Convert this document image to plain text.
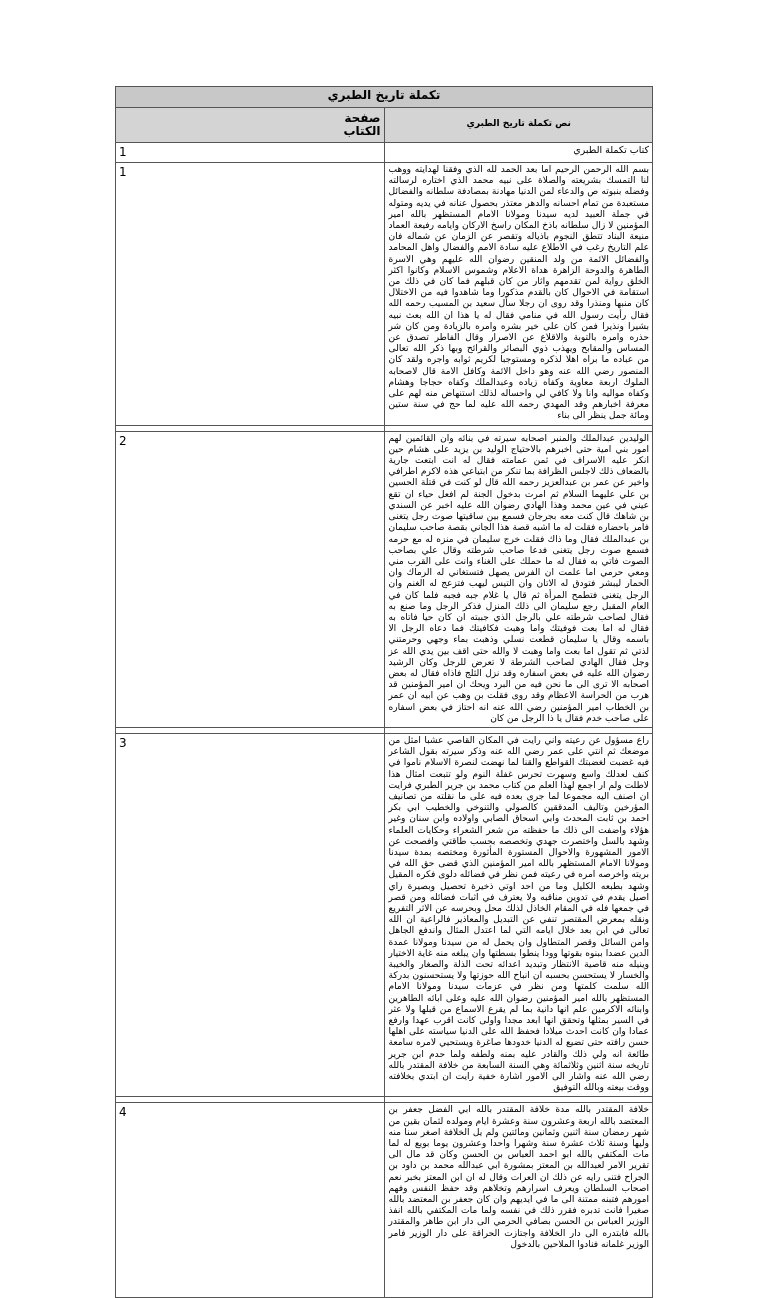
تكملة تاريخ الطبري	

صفحة
الكتاب	نص تكملة تاريخ الطبري
1	كتاب تكملة الطبري
1	بسم الله الرحمن الرحيم اما بعد الحمد لله الذي وفقنا لهدايته ووهب لنا التمسك بشريعته والصلاة على نبيه محمد الذي اختاره لرسالته وفضله بنبوته ص والدعاء لمن الدنيا مهادنة بمصادفة سلطانه والفضائل مستعبدة من تمام احسانه والدهر معتذر بحصول عنانه في يديه ومتوله في جملة العبيد لديه سيدنا ومولانا الامام المستظهر بالله امير المؤمنين لا زال سلطانه باذخ المكان راسخ الاركان وايامه رفيعة العماد منيعة البناد تتطق النجوم باذياله وتقصر عن الزمان عن شماله فان علم التاريخ رغب في الاطلاع عليه سادة الامم والفضال واهل المحامد والفضائل الائمة من ولد المنقين رضوان الله عليهم وهي الاسرة الطاهرة والدوحة الزاهرة هداة الاعلام وشموس الاسلام وكانوا اكثر الخلق رواية لمن تقدمهم واثار من كان قبلهم فما كان في ذلك من استقامة في الاحوال كان بالقدم مذكورا وما شاهدوا فيه من الاختلال كان منبها ومنذرا وقد روى ان رجلا سأل سعيد بن المسيب رحمه الله فقال رأيت رسول الله في منامي فقال له يا هذا ان الله بعث نبيه بشيرا ونذيرا فمن كان على خير بشره وامره بالزيادة ومن كان شر حذره وامره بالتوبة والاقلاع عن الاصرار وقال الفاطر تصدق عن المساس والمقابح ويهذب ذوي البصائر والقرائح وبها ذكر الله تعالى من عباده ما براه اهلا لذكره ومستوجبا لكريم ثوابه واجره ولقد كان المنصور رضي الله عنه وهو داخل الائمة وكافل الامة قال لاصحابه الملوك اربعة معاوية وكفاه زياده وعبدالملك وكفاه حجاجا وهشام وكفاه مواليه وانا ولا كافي لي واحساله لذلك استنهاض منه لهم على معرفة اخبارهم وقد المهدي رحمه الله عليه لما حج في سنة ستين ومائة جمل ينظر الى بناء

2	الوليدين عبدالملك والمنبر اصحابه سيرته في بنائه وان القائمين لهم امور بني امية حتى اخبرهم بالاحتياج الوليد بن يزيد على هشام حين انكر عليه الاسراف في ثمن عمامته فقال له انت ابتعت جارية بالضعاف ذلك لاجلس الظرافة بما تنكر من ابتياعي هذه لاكرم اطرافي واخير عن عمر بن عبدالعزيز رحمه الله قال لو كنت في قتلة الحسين بن علي عليهما السلام ثم امرت بدخول الجنة لم افعل حياء ان تقع عيني في عين محمد وهذا الهادي رضوان الله عليه اخبر عن السندي بن شاهك قال كنت معه بجرجان فسمع بين ساقيتها صوت رجل يتغنى فامر باحضاره فقلت له ما اشبه قصة هذا الجاني بقصة صاحب سليمان بن عبدالملك فقال وما ذاك فقلت خرج سليمان في منزه له مع حرمه فسمع صوت رجل يتغنى فدعا صاحب شرطته وقال علي بصاحب الصوت فاتي به فقال له ما حملك على الغناء وانت على القرب مني ومعي حرمي اما علمت ان الفرس يصهل فتستغاني له الرماك وان الحمار ليبشر فتودق له الاتان وان التيس ليهب فتزعج له الغنم وان الرجل يتغنى فتطمح المرأة ثم قال يا غلام جبه فجبه فلما كان في العام المقبل رجع سليمان الى ذلك المنزل فذكر الرجل وما صنع به فقال لصاحب شرطته علي بالرجل الذي جببته ان كان حيا فاتاه به فقال له اما بعت فوفيتك واما وهبت فكافيتك فما دعاه الرجل الا باسمه وقال يا سليمان قطعت نسلي وذهبت بماء وجهي وحرمتني لذتي ثم تقول اما بعت واما وهبت لا والله حتى اقف بين يدي الله عز وجل فقال الهادي لصاحب الشرطة لا تعرض للرجل وكان الرشيد رضوان الله عليه في بعض اسفاره وقد نزل الثلج فاذاه فقال له بعض اصحابه الا ترى الى ما نحن فيه من البرد ويحك ان امير المؤمنين قد هرب من الحراسة الاعظام وقد روى فقلت بن وهب عن ابيه ان عمر بن الخطاب امير المؤمنين رضي الله عنه انه احتاز في بعض اسفاره على صاحب خدم فقال يا ذا الرجل من كان

3	راع مسؤول عن رعيته واني رايت في المكان القاصي عشبا امثل من موضعك ثم انتي على عمر رضي الله عنه وذكر سيرته بقول الشاعر فيه غضبت لغضبتك القواطع والقنا لما نهضت لنصرة الاسلام ناموا في كنف لعدلك واسع وسهرت تحرس غفلة النوم ولو تتبعت امثال هذا لاطلت ولم ار اجمع لهذا العلم من كتاب محمد بن جرير الطبري فرايت ان اصنف اليه مجموعا لما جرى بعده فيه على ما نقلته من تصانيف المؤرخين وتاليف المدققين كالصولي والتنوخي والخطيب ابي بكر احمد بن ثابت المحدث وابي اسحاق الصابي واولاده وابن سنان وغير هؤلاء واضفت الى ذلك ما حفظته من شعر الشعراء وحكايات العلماء وشهد بالسل واختصرت جهدي وتخصصه بحسب طاقتي وافصحت عن الامور المشهورة والاحوال المستورة المأثورة ومختصه بمدة سيدنا ومولانا الامام المستظهر بالله امير المؤمنين الذي قضى حق الله في بريته واخرصه امره في رعيته فمن نظر في فضائله دلوى فكره المقيل وشهد بطبعه الكليل وما من احد اوتي ذخيرة تحصيل وبصيرة راي اصيل يقدم في تدوين مناقبه ولا يعترف في اثبات فضائله ومن قصر في جمعها فله في المقام الخاذل لذلك محل وبحرسه عن الاثر التفريع ونقله بمعرض المقتصر تنفي عن التبديل والمعاذير فالراعية ان الله تعالى في ابن بعد خلال ايامه التي لما اعتدل المثال واندفع الجاهل وامن السائل وقصر المتطاول وان يحمل له من سيدنا ومولانا عمدة الدين عضدا ببنوه بقوتها وودا ينطوا بسطتها وان يبلغه منه غاية الاختيار وينيله منه قاصية الانتظار وتبديد اعدائه تحت الذلة والصغار والخيبة والخسار لا يستحسن بحسبه ان انباح الله حوزتها ولا يستحسنون بدركة الله سلمت كلمتها ومن نظر في عزمات سيدنا ومولانا الامام المستظهر بالله امير المؤمنين رضوان الله عليه وعلى ابائه الطاهرين وابنائه الاكرمين علم انها دانية بما لم يقرع الاسماع من قبلها ولا عثر في السير بمثلها وتحقق انها ابعد مجدا واولى كانت اقرب عهدا وارفع عمادا وان كانت احدث ميلادا فحفظ الله على الدنيا سياسته على اهلها حسن رافته حتى تضيع له الدنيا خدودها صاغرة ويستحيي لامره سامعة طائعة انه ولي ذلك والقادر عليه بمنه ولطفه ولما حدم ابن جرير تاريخه سنة اثنين وثلاثمائة وهي السنة السابعة من خلافة المقتدر بالله رضي الله عنه واشار الى الامور اشارة خفية رايت ان ابتدي بخلافته ووقت بيعته وبالله التوفيق

4	خلافة المقتدر بالله مدة خلافة المقتدر بالله ابي الفضل جعفر بن المعتضد بالله اربعة وعشرون سنة وعشرة ايام ومولده لثمان بقين من شهر رمضان سنة اثنين وثمانين ومائتين ولم يل الخلافة اصغر سنا منه وليها وسنة ثلاث عشرة سنة وشهرا واحدا وعشرون يوما بويع له لما مات المكتفي بالله ابو احمد العباس بن الحسن وكان قد مال الى تقرير الامر لعبدالله بن المعتز بمشورة ابي عبدالله محمد بن داود بن الجراح فتنى رايه عن ذلك ان العرات وقال له ان ابن المعتز بخبر نعم اصحاب السلطان ويعرف اسرارهم وتخلاهم وقد حفظ النفس وفهم امورهم فتبنه ممتنة الى ما في ايديهم وان كان جعفر بن المعتضد بالله صغيرا فانت تدبره فقرر ذلك في نفسه ولما مات المكتفي بالله انفذ الوزير العباس بن الحسن بصافي الحرمي الى دار ابن طاهر والمقتدر بالله فابتدره الى دار الخلافة واجتازت الحراقة على دار الوزير فامر الوزير غلمانه فنادوا الملاحين بالدخول
